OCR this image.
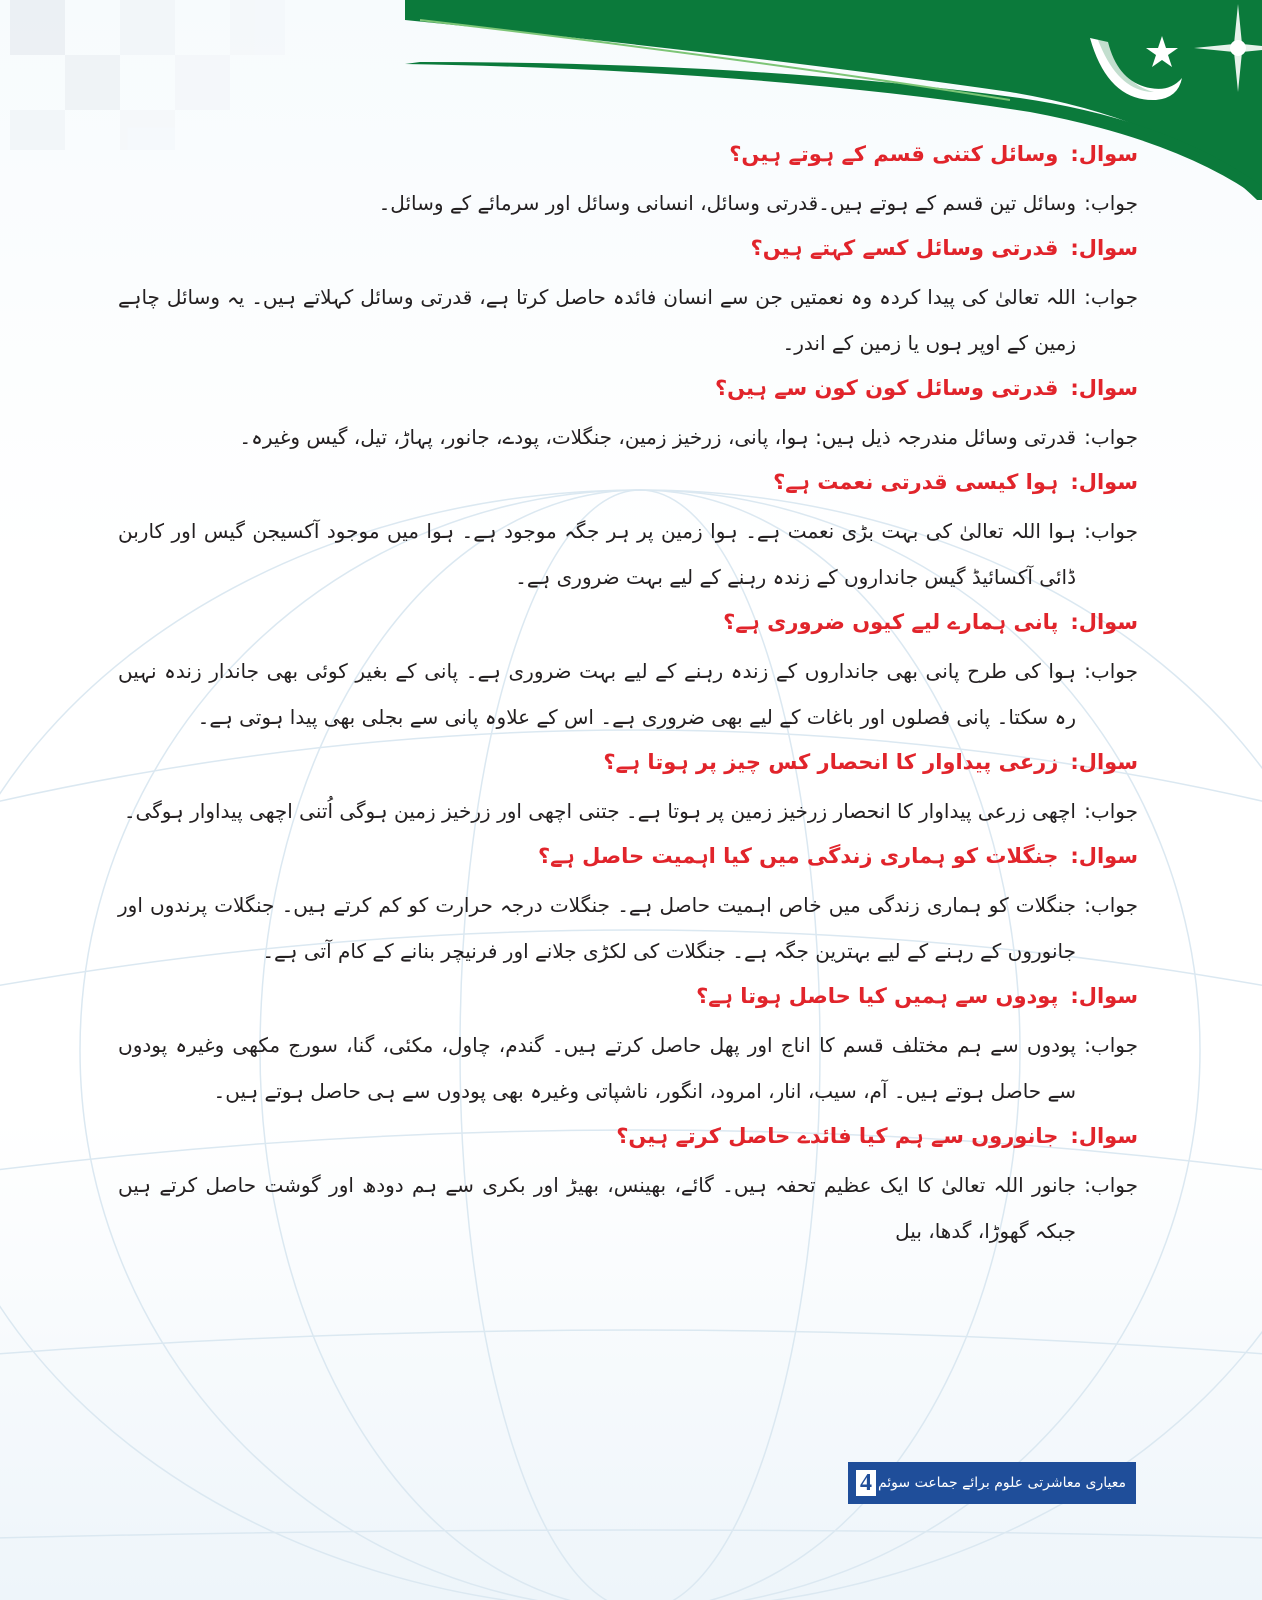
سوال:
وسائل کتنی قسم کے ہوتے ہیں؟
جواب:
وسائل تین قسم کے ہوتے ہیں۔قدرتی وسائل، انسانی وسائل اور سرمائے کے وسائل۔
سوال:
قدرتی وسائل کسے کہتے ہیں؟
جواب:
اللہ تعالیٰ کی پیدا کردہ وہ نعمتیں جن سے انسان فائدہ حاصل کرتا ہے، قدرتی وسائل کہلاتے ہیں۔ یہ وسائل چاہے زمین کے اوپر ہوں یا زمین کے اندر۔
سوال:
قدرتی وسائل کون کون سے ہیں؟
جواب:
قدرتی وسائل مندرجہ ذیل ہیں: ہوا، پانی، زرخیز زمین، جنگلات، پودے، جانور، پہاڑ، تیل، گیس وغیرہ۔
سوال:
ہوا کیسی قدرتی نعمت ہے؟
جواب:
ہوا اللہ تعالیٰ کی بہت بڑی نعمت ہے۔ ہوا زمین پر ہر جگہ موجود ہے۔ ہوا میں موجود آکسیجن گیس اور کاربن ڈائی آکسائیڈ گیس جانداروں کے زندہ رہنے کے لیے بہت ضروری ہے۔
سوال:
پانی ہمارے لیے کیوں ضروری ہے؟
جواب:
ہوا کی طرح پانی بھی جانداروں کے زندہ رہنے کے لیے بہت ضروری ہے۔ پانی کے بغیر کوئی بھی جاندار زندہ نہیں رہ سکتا۔ پانی فصلوں اور باغات کے لیے بھی ضروری ہے۔ اس کے علاوہ پانی سے بجلی بھی پیدا ہوتی ہے۔
سوال:
زرعی پیداوار کا انحصار کس چیز پر ہوتا ہے؟
جواب:
اچھی زرعی پیداوار کا انحصار زرخیز زمین پر ہوتا ہے۔ جتنی اچھی اور زرخیز زمین ہوگی اُتنی اچھی پیداوار ہوگی۔
سوال:
جنگلات کو ہماری زندگی میں کیا اہمیت حاصل ہے؟
جواب:
جنگلات کو ہماری زندگی میں خاص اہمیت حاصل ہے۔ جنگلات درجہ حرارت کو کم کرتے ہیں۔ جنگلات پرندوں اور جانوروں کے رہنے کے لیے بہترین جگہ ہے۔ جنگلات کی لکڑی جلانے اور فرنیچر بنانے کے کام آتی ہے۔
سوال:
پودوں سے ہمیں کیا حاصل ہوتا ہے؟
جواب:
پودوں سے ہم مختلف قسم کا اناج اور پھل حاصل کرتے ہیں۔ گندم، چاول، مکئی، گنا، سورج مکھی وغیرہ پودوں سے حاصل ہوتے ہیں۔ آم، سیب، انار، امرود، انگور، ناشپاتی وغیرہ بھی پودوں سے ہی حاصل ہوتے ہیں۔
سوال:
جانوروں سے ہم کیا فائدے حاصل کرتے ہیں؟
جواب:
جانور اللہ تعالیٰ کا ایک عظیم تحفہ ہیں۔ گائے، بھینس، بھیڑ اور بکری سے ہم دودھ اور گوشت حاصل کرتے ہیں جبکہ گھوڑا، گدھا، بیل
4 معیاری معاشرتی علوم برائے جماعت سوئم
